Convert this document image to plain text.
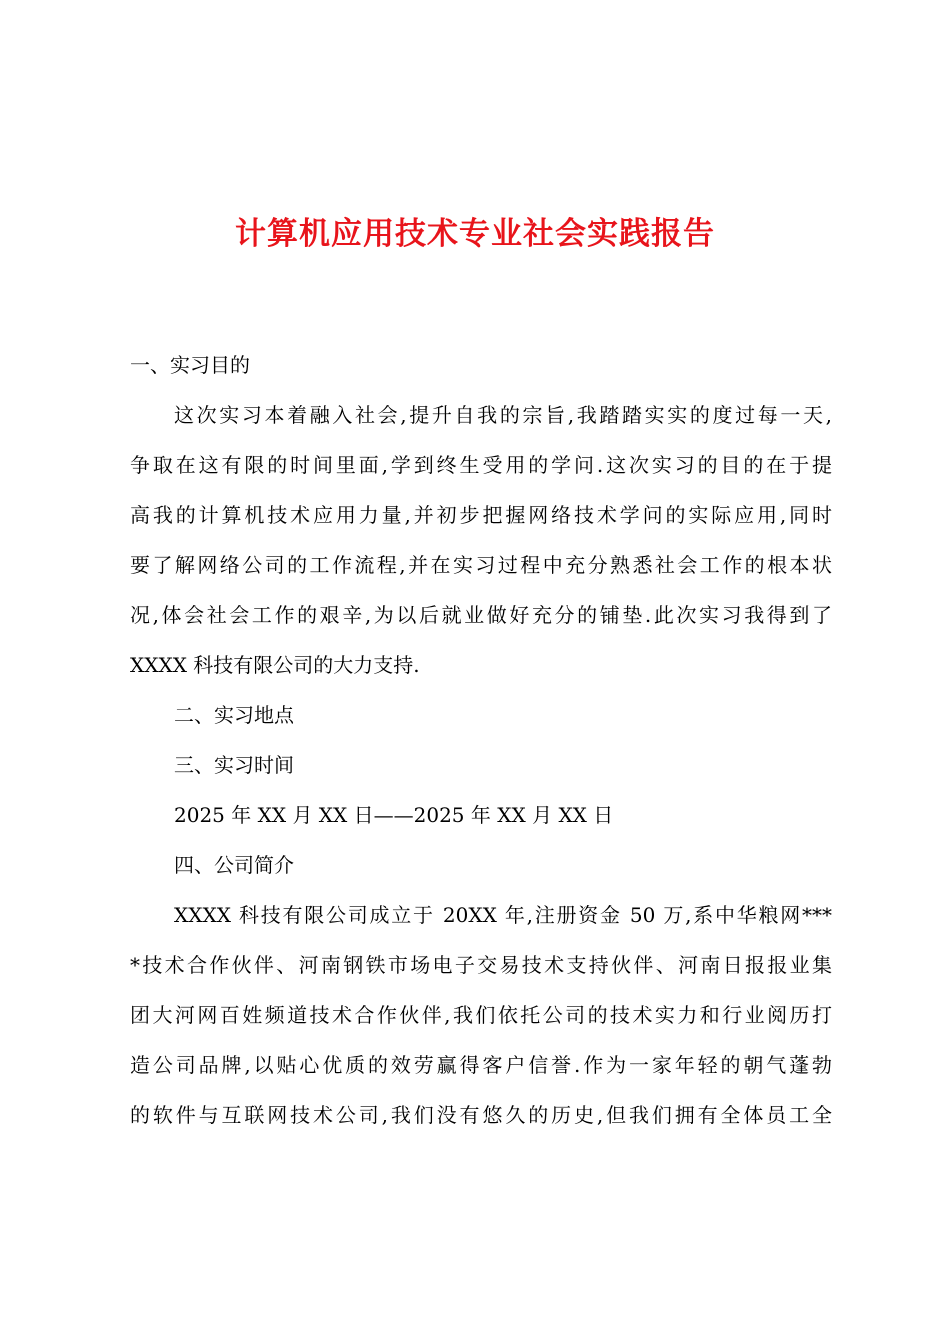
计算机应用技术专业社会实践报告
一、实习目的
这次实习本着融入社会,提升自我的宗旨,我踏踏实实的度过每一天,
争取在这有限的时间里面,学到终生受用的学问.这次实习的目的在于提
高我的计算机技术应用力量,并初步把握网络技术学问的实际应用,同时
要了解网络公司的工作流程,并在实习过程中充分熟悉社会工作的根本状
况,体会社会工作的艰辛,为以后就业做好充分的铺垫.此次实习我得到了
XXXX 科技有限公司的大力支持.
二、实习地点
三、实习时间
2025 年 XX 月 XX 日——2025 年 XX 月 XX 日
四、公司简介
XXXX 科技有限公司成立于 20XX 年,注册资金 50 万,系中华粮网***
*技术合作伙伴、河南钢铁市场电子交易技术支持伙伴、河南日报报业集
团大河网百姓频道技术合作伙伴,我们依托公司的技术实力和行业阅历打
造公司品牌,以贴心优质的效劳赢得客户信誉.作为一家年轻的朝气蓬勃
的软件与互联网技术公司,我们没有悠久的历史,但我们拥有全体员工全
